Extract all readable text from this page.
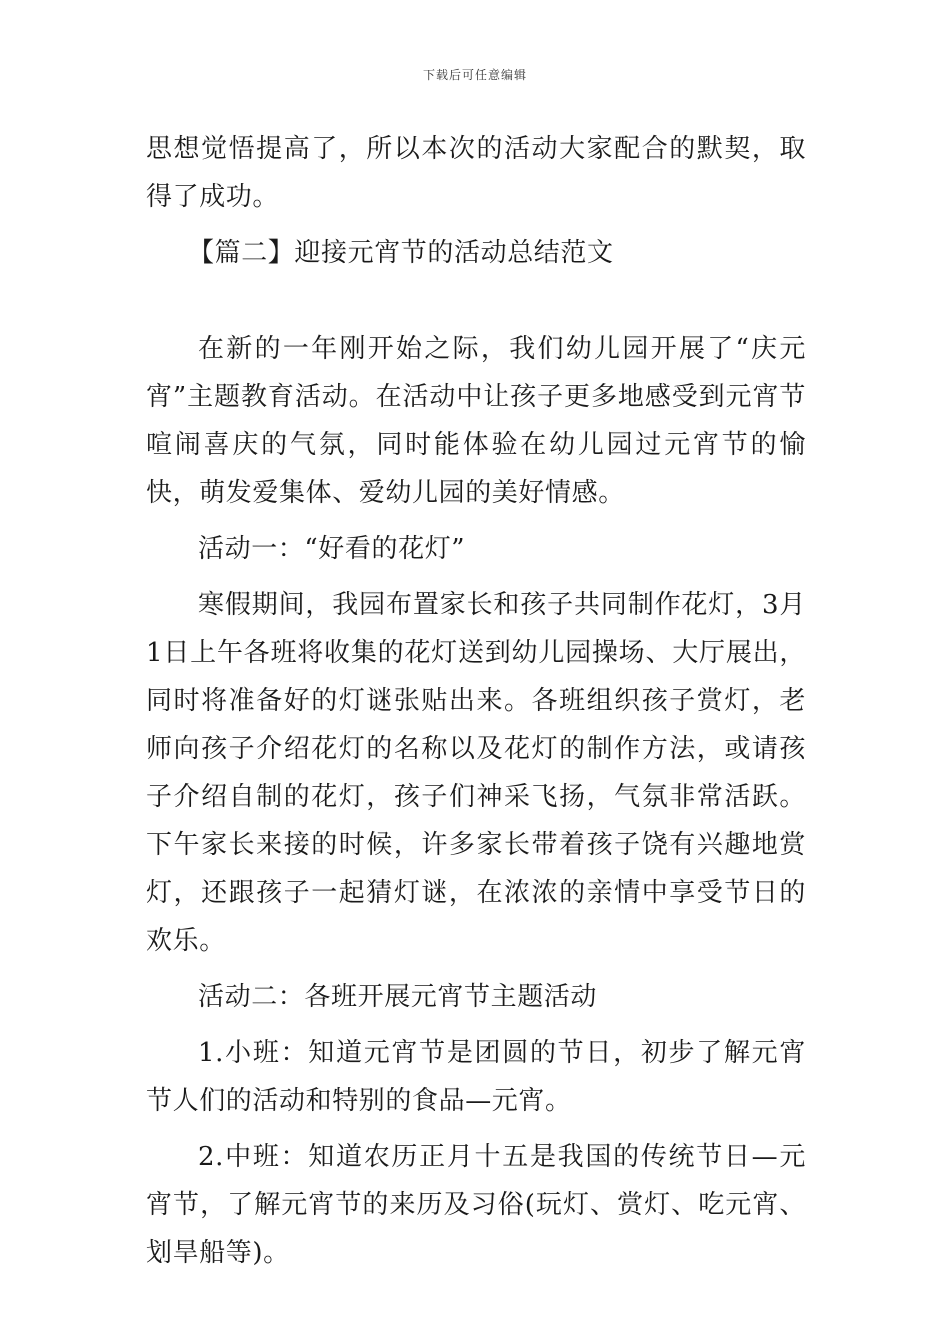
下载后可任意编辑

思想觉悟提高了，所以本次的活动大家配合的默契，取得了成功。

【篇二】迎接元宵节的活动总结范文

在新的一年刚开始之际，我们幼儿园开展了“庆元宵”主题教育活动。在活动中让孩子更多地感受到元宵节喧闹喜庆的气氛，同时能体验在幼儿园过元宵节的愉快，萌发爱集体、爱幼儿园的美好情感。

活动一：“好看的花灯”

寒假期间，我园布置家长和孩子共同制作花灯，3月1日上午各班将收集的花灯送到幼儿园操场、大厅展出，同时将准备好的灯谜张贴出来。各班组织孩子赏灯，老师向孩子介绍花灯的名称以及花灯的制作方法，或请孩子介绍自制的花灯，孩子们神采飞扬，气氛非常活跃。下午家长来接的时候，许多家长带着孩子饶有兴趣地赏灯，还跟孩子一起猜灯谜，在浓浓的亲情中享受节日的欢乐。

活动二：各班开展元宵节主题活动

1.小班：知道元宵节是团圆的节日，初步了解元宵节人们的活动和特别的食品—元宵。

2.中班：知道农历正月十五是我国的传统节日—元宵节，了解元宵节的来历及习俗(玩灯、赏灯、吃元宵、划旱船等)。
